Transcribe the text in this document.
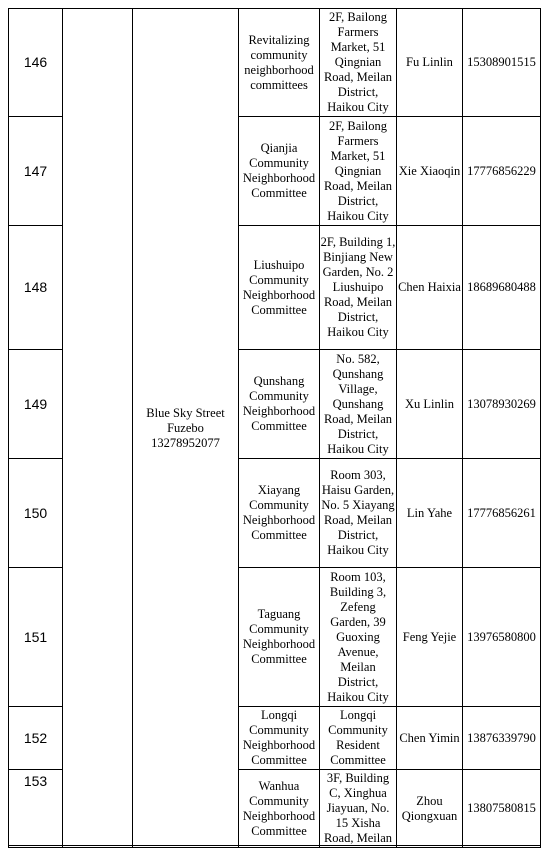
146		Blue Sky Street Fuzebo 13278952077	Revitalizing community neighborhood committees	2F, Bailong Farmers Market, 51 Qingnian Road, Meilan District, Haikou City	Fu Linlin	15308901515
147			Qianjia Community Neighborhood Committee	2F, Bailong Farmers Market, 51 Qingnian Road, Meilan District, Haikou City	Xie Xiaoqin	17776856229
148			Liushuipo Community Neighborhood Committee	2F, Building 1, Binjiang New Garden, No. 2 Liushuipo Road, Meilan District, Haikou City	Chen Haixia	18689680488
149			Qunshang Community Neighborhood Committee	No. 582, Qunshang Village, Qunshang Road, Meilan District, Haikou City	Xu Linlin	13078930269
150			Xiayang Community Neighborhood Committee	Room 303, Haisu Garden, No. 5 Xiayang Road, Meilan District, Haikou City	Lin Yahe	17776856261
151			Taguang Community Neighborhood Committee	Room 103, Building 3, Zefeng Garden, 39 Guoxing Avenue, Meilan District, Haikou City	Feng Yejie	13976580800
152			Longqi Community Neighborhood Committee	Longqi Community Resident Committee	Chen Yimin	13876339790
153			Wanhua Community Neighborhood Committee	3F, Building C, Xinghua Jiayuan, No. 15 Xisha Road, Meilan	Zhou Qiongxuan	13807580815
